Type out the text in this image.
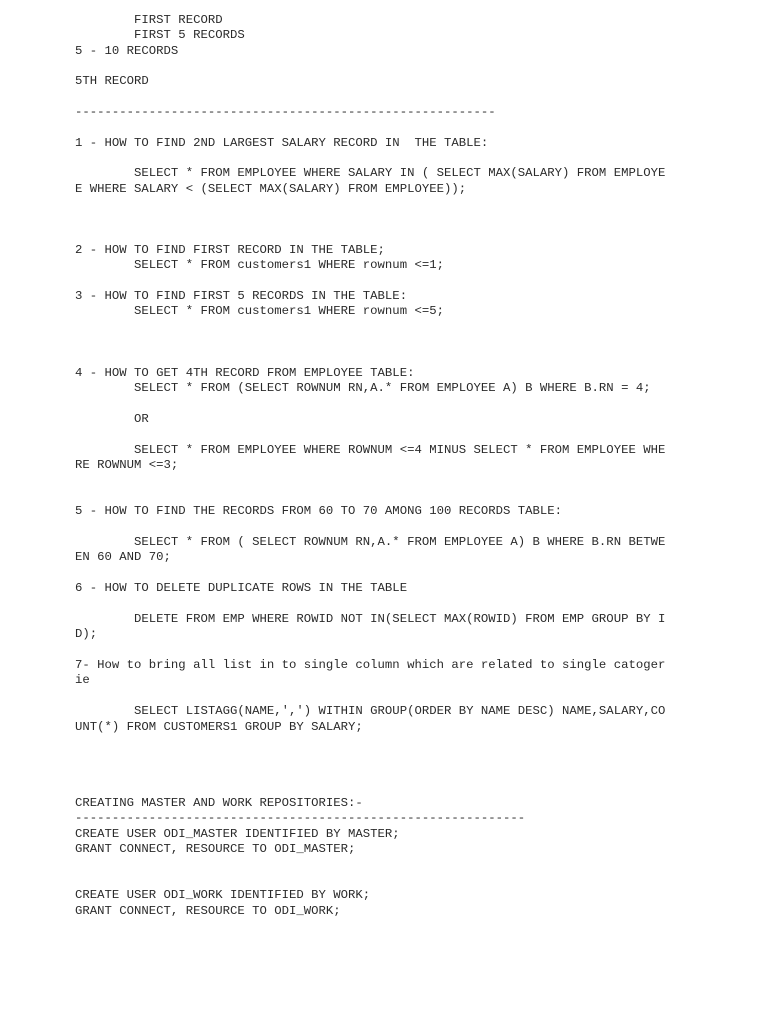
FIRST RECORD

FIRST 5 RECORDS

5 - 10 RECORDS

5TH RECORD

---------------------------------------------------------

1 - HOW TO FIND 2ND LARGEST SALARY RECORD IN  THE TABLE:

SELECT * FROM EMPLOYEE WHERE SALARY IN ( SELECT MAX(SALARY) FROM EMPLOYE

E WHERE SALARY < (SELECT MAX(SALARY) FROM EMPLOYEE));

2 - HOW TO FIND FIRST RECORD IN THE TABLE;

SELECT * FROM customers1 WHERE rownum <=1;

3 - HOW TO FIND FIRST 5 RECORDS IN THE TABLE:

SELECT * FROM customers1 WHERE rownum <=5;

4 - HOW TO GET 4TH RECORD FROM EMPLOYEE TABLE:

SELECT * FROM (SELECT ROWNUM RN,A.* FROM EMPLOYEE A) B WHERE B.RN = 4;

OR

SELECT * FROM EMPLOYEE WHERE ROWNUM <=4 MINUS SELECT * FROM EMPLOYEE WHE

RE ROWNUM <=3;

5 - HOW TO FIND THE RECORDS FROM 60 TO 70 AMONG 100 RECORDS TABLE:

SELECT * FROM ( SELECT ROWNUM RN,A.* FROM EMPLOYEE A) B WHERE B.RN BETWE

EN 60 AND 70;

6 - HOW TO DELETE DUPLICATE ROWS IN THE TABLE

DELETE FROM EMP WHERE ROWID NOT IN(SELECT MAX(ROWID) FROM EMP GROUP BY I

D);

7- How to bring all list in to single column which are related to single catoger

ie

SELECT LISTAGG(NAME,',') WITHIN GROUP(ORDER BY NAME DESC) NAME,SALARY,CO

UNT(*) FROM CUSTOMERS1 GROUP BY SALARY;

CREATING MASTER AND WORK REPOSITORIES:-

-------------------------------------------------------------

CREATE USER ODI_MASTER IDENTIFIED BY MASTER;

GRANT CONNECT, RESOURCE TO ODI_MASTER;

CREATE USER ODI_WORK IDENTIFIED BY WORK;

GRANT CONNECT, RESOURCE TO ODI_WORK;
